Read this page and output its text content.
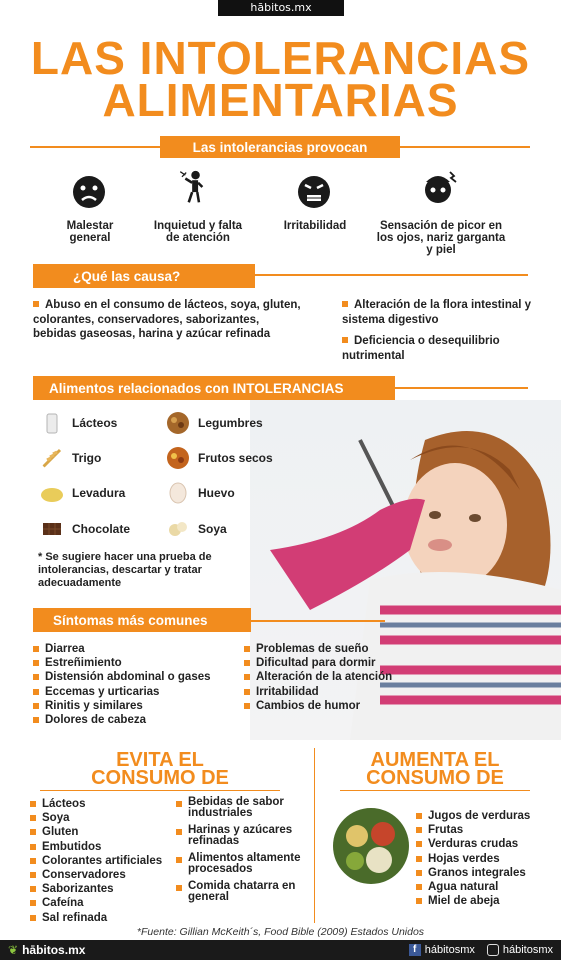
hābitos.mx
LAS INTOLERANCIAS
ALIMENTARIAS
Las intolerancias provocan
Malestar general
Inquietud y falta de atención
Irritabilidad	Sensación de picor en los ojos, nariz garganta y piel
¿Qué las causa?
Abuso en el consumo de lácteos, soya, gluten, colorantes, conservadores, saborizantes, bebidas gaseosas, harina y azúcar refinada
Alteración de la flora intestinal y sistema digestivo
Deficiencia o desequilibrio nutrimental
Alimentos relacionados con INTOLERANCIAS
Lácteos	Legumbres
Trigo	Frutos secos
Levadura	Huevo
Chocolate	Soya
* Se sugiere hacer una prueba de intolerancias, descartar y tratar adecuadamente
Síntomas más comunes
Diarrea
Estreñimiento
Distensión abdominal o gases
Eccemas y urticarias
Rinitis y similares
Dolores de cabeza
Problemas de sueño
Dificultad para dormir
Alteración de la atención
Irritabilidad
Cambios de humor
EVITA EL
CONSUMO DE
Lácteos
Soya
Gluten
Embutidos
Colorantes artificiales
Conservadores
Saborizantes
Cafeína
Sal refinada
Bebidas de sabor industriales
Harinas y azúcares refinadas
Alimentos altamente procesados
Comida chatarra en general
AUMENTA EL
CONSUMO DE
Jugos de verduras
Frutas
Verduras crudas
Hojas verdes
Granos integrales
Agua natural
Miel de abeja
*Fuente: Gillian McKeith´s, Food Bible (2009) Estados Unidos
❦ hābitos.mx	f hábitosmx	hábitosmx
